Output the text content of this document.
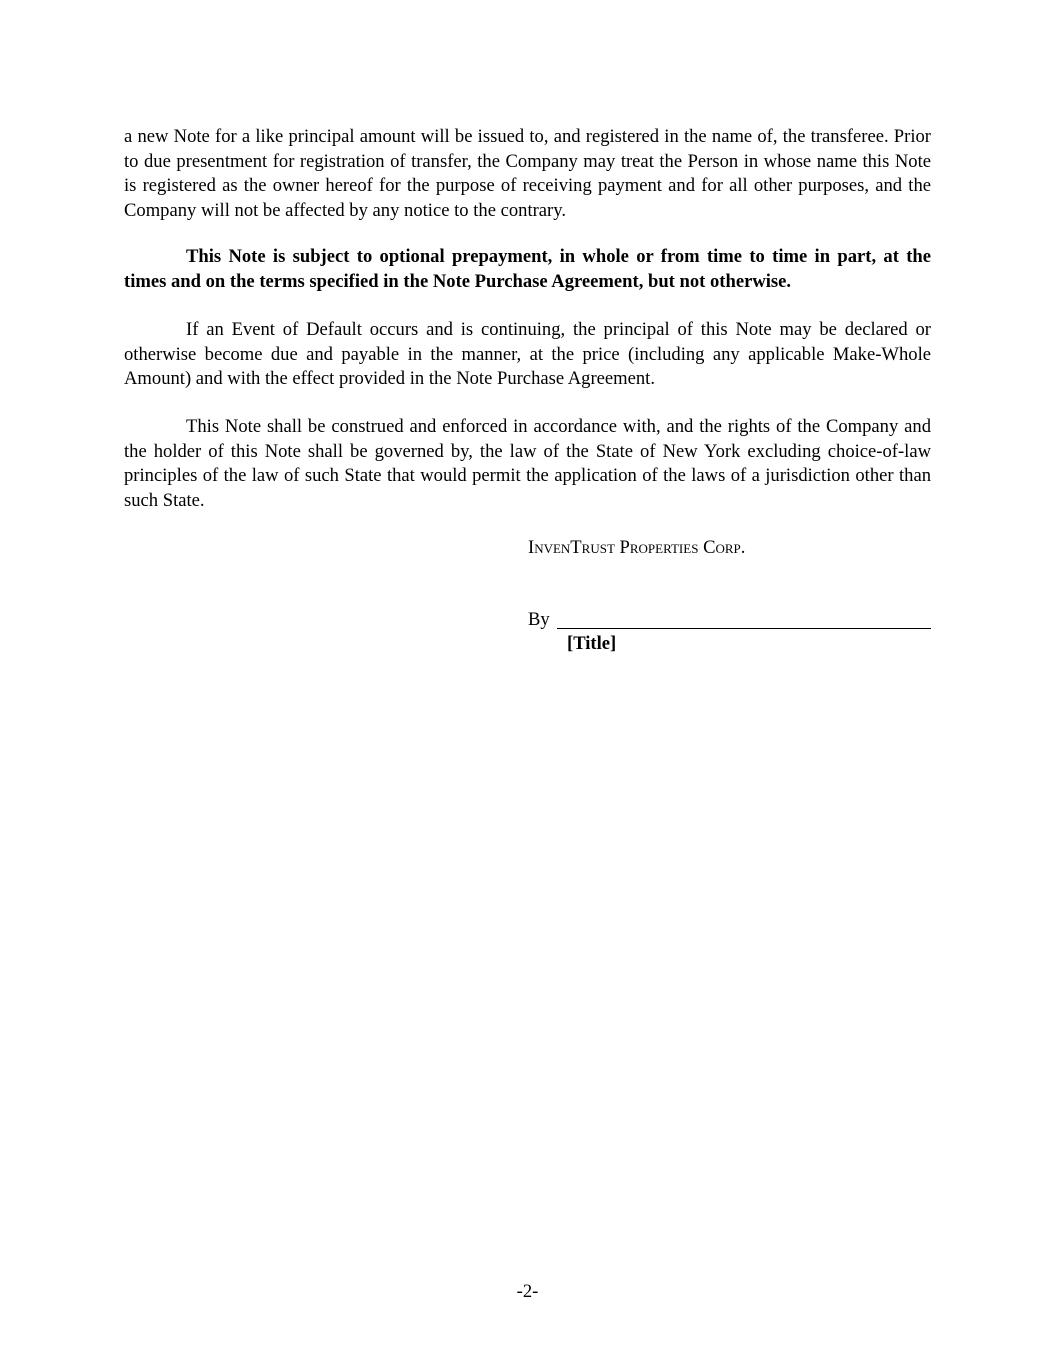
a new Note for a like principal amount will be issued to, and registered in the name of, the transferee. Prior to due presentment for registration of transfer, the Company may treat the Person in whose name this Note is registered as the owner hereof for the purpose of receiving payment and for all other purposes, and the Company will not be affected by any notice to the contrary.

This Note is subject to optional prepayment, in whole or from time to time in part, at the times and on the terms specified in the Note Purchase Agreement, but not otherwise.

If an Event of Default occurs and is continuing, the principal of this Note may be declared or otherwise become due and payable in the manner, at the price (including any applicable Make-Whole Amount) and with the effect provided in the Note Purchase Agreement.

This Note shall be construed and enforced in accordance with, and the rights of the Company and the holder of this Note shall be governed by, the law of the State of New York excluding choice-of-law principles of the law of such State that would permit the application of the laws of a jurisdiction other than such State.

InvenTrust Properties Corp.

By

[Title]

-2-
